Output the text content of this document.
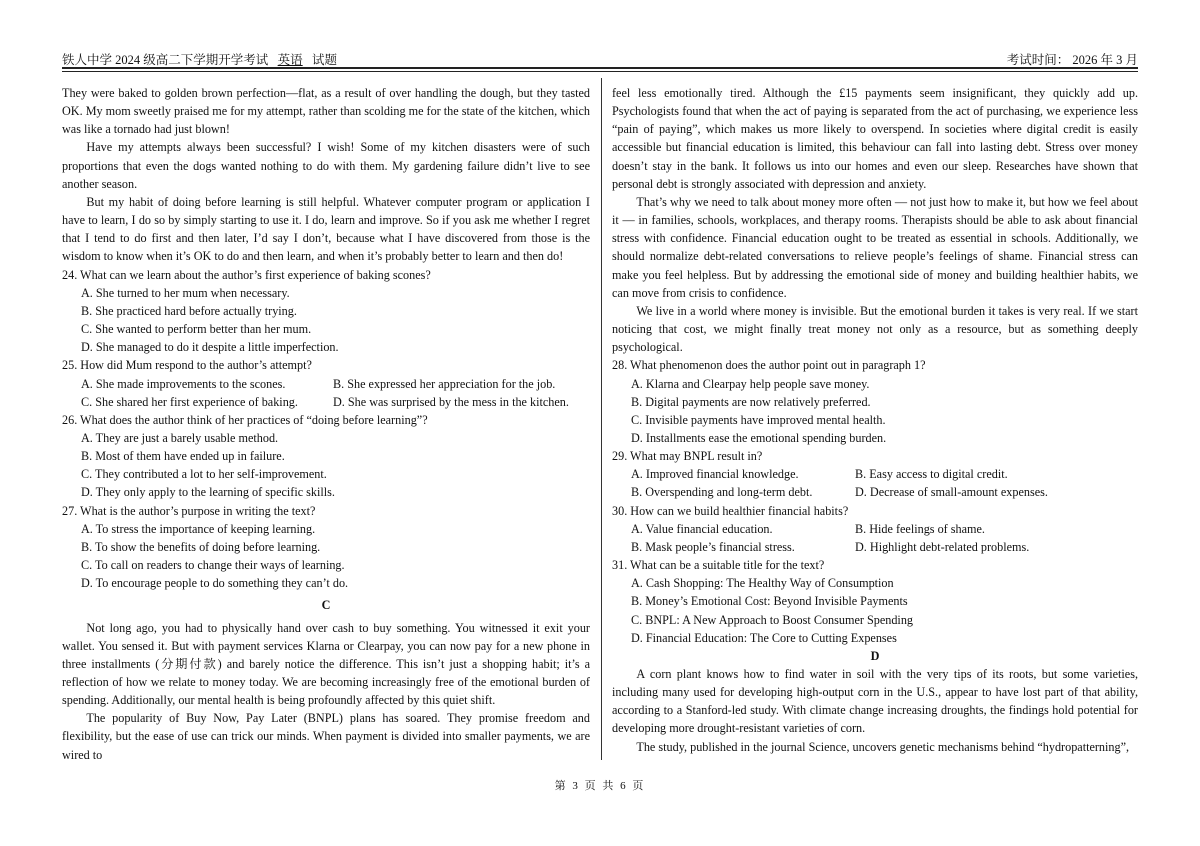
铁人中学 2024 级高二下学期开学考试 英语 试题	考试时间： 2026 年 3 月

They were baked to golden brown perfection—flat, as a result of over handling the dough, but they tasted OK. My mom sweetly praised me for my attempt, rather than scolding me for the state of the kitchen, which was like a tornado had just blown!

Have my attempts always been successful? I wish! Some of my kitchen disasters were of such proportions that even the dogs wanted nothing to do with them. My gardening failure didn’t live to see another season.

But my habit of doing before learning is still helpful. Whatever computer program or application I have to learn, I do so by simply starting to use it. I do, learn and improve. So if you ask me whether I regret that I tend to do first and then later, I’d say I don’t, because what I have discovered from those is the wisdom to know when it’s OK to do and then learn, and when it’s probably better to learn and then do!

24. What can we learn about the author’s first experience of baking scones?

A. She turned to her mum when necessary.

B. She practiced hard before actually trying.

C. She wanted to perform better than her mum.

D. She managed to do it despite a little imperfection.

25. How did Mum respond to the author’s attempt?

A. She made improvements to the scones.	B. She expressed her appreciation for the job.
C. She shared her first experience of baking.	D. She was surprised by the mess in the kitchen.

26. What does the author think of her practices of “doing before learning”?

A. They are just a barely usable method.

B. Most of them have ended up in failure.

C. They contributed a lot to her self-improvement.

D. They only apply to the learning of specific skills.

27. What is the author’s purpose in writing the text?

A. To stress the importance of keeping learning.

B. To show the benefits of doing before learning.

C. To call on readers to change their ways of learning.

D. To encourage people to do something they can’t do.

C

Not long ago, you had to physically hand over cash to buy something. You witnessed it exit your wallet. You sensed it. But with payment services Klarna or Clearpay, you can now pay for a new phone in three installments (分期付款) and barely notice the difference. This isn’t just a shopping habit; it’s a reflection of how we relate to money today. We are becoming increasingly free of the emotional burden of spending. Additionally, our mental health is being profoundly affected by this quiet shift.

The popularity of Buy Now, Pay Later (BNPL) plans has soared. They promise freedom and flexibility, but the ease of use can trick our minds. When payment is divided into smaller payments, we are wired to

feel less emotionally tired. Although the £15 payments seem insignificant, they quickly add up. Psychologists found that when the act of paying is separated from the act of purchasing, we experience less “pain of paying”, which makes us more likely to overspend. In societies where digital credit is easily accessible but financial education is limited, this behaviour can fall into lasting debt. Stress over money doesn’t stay in the bank. It follows us into our homes and even our sleep. Researches have shown that personal debt is strongly associated with depression and anxiety.

That’s why we need to talk about money more often — not just how to make it, but how we feel about it — in families, schools, workplaces, and therapy rooms. Therapists should be able to ask about financial stress with confidence. Financial education ought to be treated as essential in schools. Additionally, we should normalize debt-related conversations to relieve people’s feelings of shame. Financial stress can make you feel helpless. But by addressing the emotional side of money and building healthier habits, we can move from crisis to confidence.

We live in a world where money is invisible. But the emotional burden it takes is very real. If we start noticing that cost, we might finally treat money not only as a resource, but as something deeply psychological.

28. What phenomenon does the author point out in paragraph 1?

A. Klarna and Clearpay help people save money.

B. Digital payments are now relatively preferred.

C. Invisible payments have improved mental health.

D. Installments ease the emotional spending burden.

29. What may BNPL result in?

A. Improved financial knowledge.	B. Easy access to digital credit.
B. Overspending and long-term debt.	D. Decrease of small-amount expenses.

30. How can we build healthier financial habits?

A. Value financial education.	B. Hide feelings of shame.
B. Mask people’s financial stress.	D. Highlight debt-related problems.

31. What can be a suitable title for the text?

A. Cash Shopping: The Healthy Way of Consumption

B. Money’s Emotional Cost: Beyond Invisible Payments

C. BNPL: A New Approach to Boost Consumer Spending

D. Financial Education: The Core to Cutting Expenses

D

A corn plant knows how to find water in soil with the very tips of its roots, but some varieties, including many used for developing high-output corn in the U.S., appear to have lost part of that ability, according to a Stanford-led study. With climate change increasing droughts, the findings hold potential for developing more drought-resistant varieties of corn.

The study, published in the journal Science, uncovers genetic mechanisms behind “hydropatterning”,

第 3 页 共 6 页
